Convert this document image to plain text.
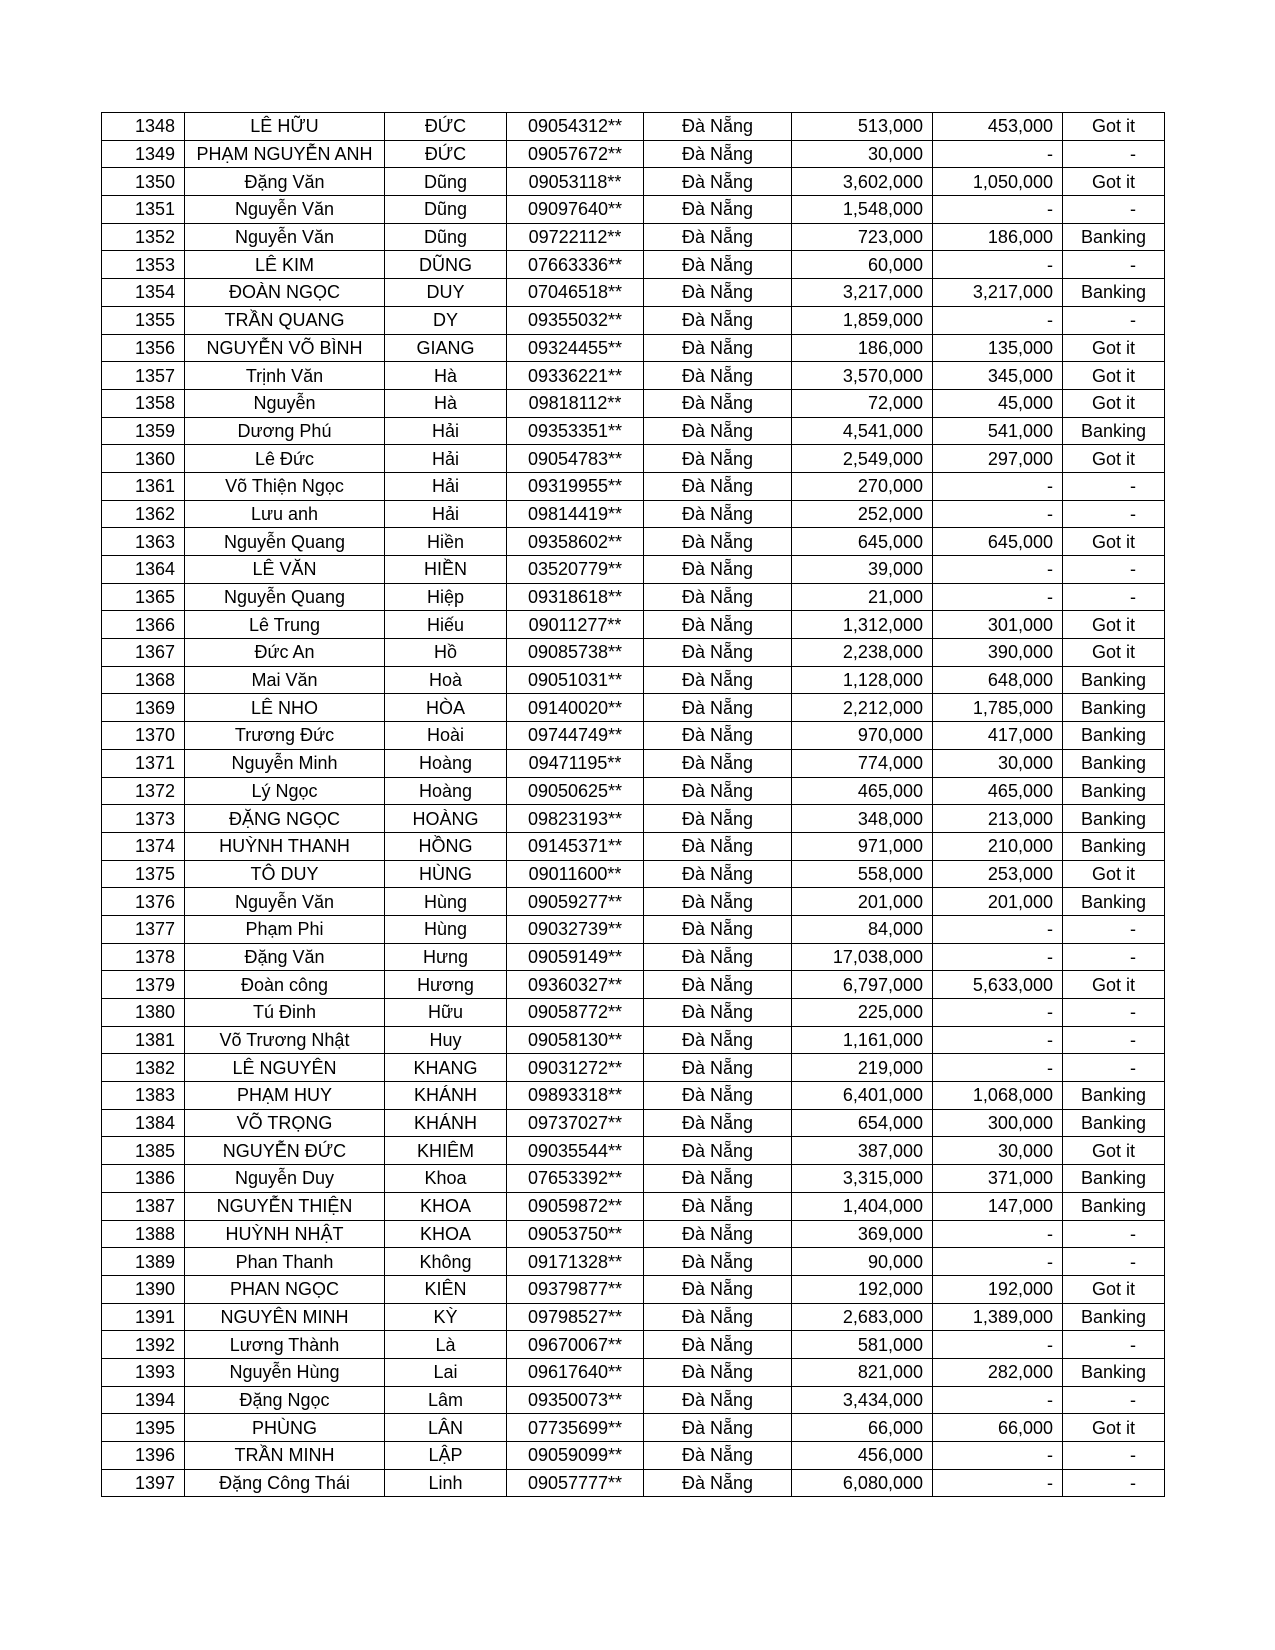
1348	LÊ HỮU	ĐỨC	09054312**	Đà Nẵng	513,000	453,000	Got it
1349	PHẠM NGUYỄN ANH	ĐỨC	09057672**	Đà Nẵng	30,000	-	-
1350	Đặng Văn	Dũng	09053118**	Đà Nẵng	3,602,000	1,050,000	Got it
1351	Nguyễn Văn	Dũng	09097640**	Đà Nẵng	1,548,000	-	-
1352	Nguyễn Văn	Dũng	09722112**	Đà Nẵng	723,000	186,000	Banking
1353	LÊ KIM	DŨNG	07663336**	Đà Nẵng	60,000	-	-
1354	ĐOÀN NGỌC	DUY	07046518**	Đà Nẵng	3,217,000	3,217,000	Banking
1355	TRẦN QUANG	DY	09355032**	Đà Nẵng	1,859,000	-	-
1356	NGUYỄN VÕ BÌNH	GIANG	09324455**	Đà Nẵng	186,000	135,000	Got it
1357	Trịnh Văn	Hà	09336221**	Đà Nẵng	3,570,000	345,000	Got it
1358	Nguyễn	Hà	09818112**	Đà Nẵng	72,000	45,000	Got it
1359	Dương Phú	Hải	09353351**	Đà Nẵng	4,541,000	541,000	Banking
1360	Lê Đức	Hải	09054783**	Đà Nẵng	2,549,000	297,000	Got it
1361	Võ Thiện Ngọc	Hải	09319955**	Đà Nẵng	270,000	-	-
1362	Lưu anh	Hải	09814419**	Đà Nẵng	252,000	-	-
1363	Nguyễn Quang	Hiền	09358602**	Đà Nẵng	645,000	645,000	Got it
1364	LÊ VĂN	HIỀN	03520779**	Đà Nẵng	39,000	-	-
1365	Nguyễn Quang	Hiệp	09318618**	Đà Nẵng	21,000	-	-
1366	Lê Trung	Hiếu	09011277**	Đà Nẵng	1,312,000	301,000	Got it
1367	Đức An	Hồ	09085738**	Đà Nẵng	2,238,000	390,000	Got it
1368	Mai Văn	Hoà	09051031**	Đà Nẵng	1,128,000	648,000	Banking
1369	LÊ NHO	HÒA	09140020**	Đà Nẵng	2,212,000	1,785,000	Banking
1370	Trương Đức	Hoài	09744749**	Đà Nẵng	970,000	417,000	Banking
1371	Nguyễn Minh	Hoàng	09471195**	Đà Nẵng	774,000	30,000	Banking
1372	Lý Ngọc	Hoàng	09050625**	Đà Nẵng	465,000	465,000	Banking
1373	ĐẶNG NGỌC	HOÀNG	09823193**	Đà Nẵng	348,000	213,000	Banking
1374	HUỲNH THANH	HỒNG	09145371**	Đà Nẵng	971,000	210,000	Banking
1375	TÔ DUY	HÙNG	09011600**	Đà Nẵng	558,000	253,000	Got it
1376	Nguyễn Văn	Hùng	09059277**	Đà Nẵng	201,000	201,000	Banking
1377	Phạm Phi	Hùng	09032739**	Đà Nẵng	84,000	-	-
1378	Đặng Văn	Hưng	09059149**	Đà Nẵng	17,038,000	-	-
1379	Đoàn công	Hương	09360327**	Đà Nẵng	6,797,000	5,633,000	Got it
1380	Tú Đinh	Hữu	09058772**	Đà Nẵng	225,000	-	-
1381	Võ Trương Nhật	Huy	09058130**	Đà Nẵng	1,161,000	-	-
1382	LÊ NGUYÊN	KHANG	09031272**	Đà Nẵng	219,000	-	-
1383	PHẠM HUY	KHÁNH	09893318**	Đà Nẵng	6,401,000	1,068,000	Banking
1384	VÕ TRỌNG	KHÁNH	09737027**	Đà Nẵng	654,000	300,000	Banking
1385	NGUYỄN ĐỨC	KHIÊM	09035544**	Đà Nẵng	387,000	30,000	Got it
1386	Nguyễn Duy	Khoa	07653392**	Đà Nẵng	3,315,000	371,000	Banking
1387	NGUYỄN THIỆN	KHOA	09059872**	Đà Nẵng	1,404,000	147,000	Banking
1388	HUỲNH NHẬT	KHOA	09053750**	Đà Nẵng	369,000	-	-
1389	Phan Thanh	Không	09171328**	Đà Nẵng	90,000	-	-
1390	PHAN NGỌC	KIÊN	09379877**	Đà Nẵng	192,000	192,000	Got it
1391	NGUYÊN MINH	KỲ	09798527**	Đà Nẵng	2,683,000	1,389,000	Banking
1392	Lương Thành	Là	09670067**	Đà Nẵng	581,000	-	-
1393	Nguyễn Hùng	Lai	09617640**	Đà Nẵng	821,000	282,000	Banking
1394	Đặng Ngọc	Lâm	09350073**	Đà Nẵng	3,434,000	-	-
1395	PHÙNG	LÂN	07735699**	Đà Nẵng	66,000	66,000	Got it
1396	TRẦN MINH	LẬP	09059099**	Đà Nẵng	456,000	-	-
1397	Đặng Công Thái	Linh	09057777**	Đà Nẵng	6,080,000	-	-
